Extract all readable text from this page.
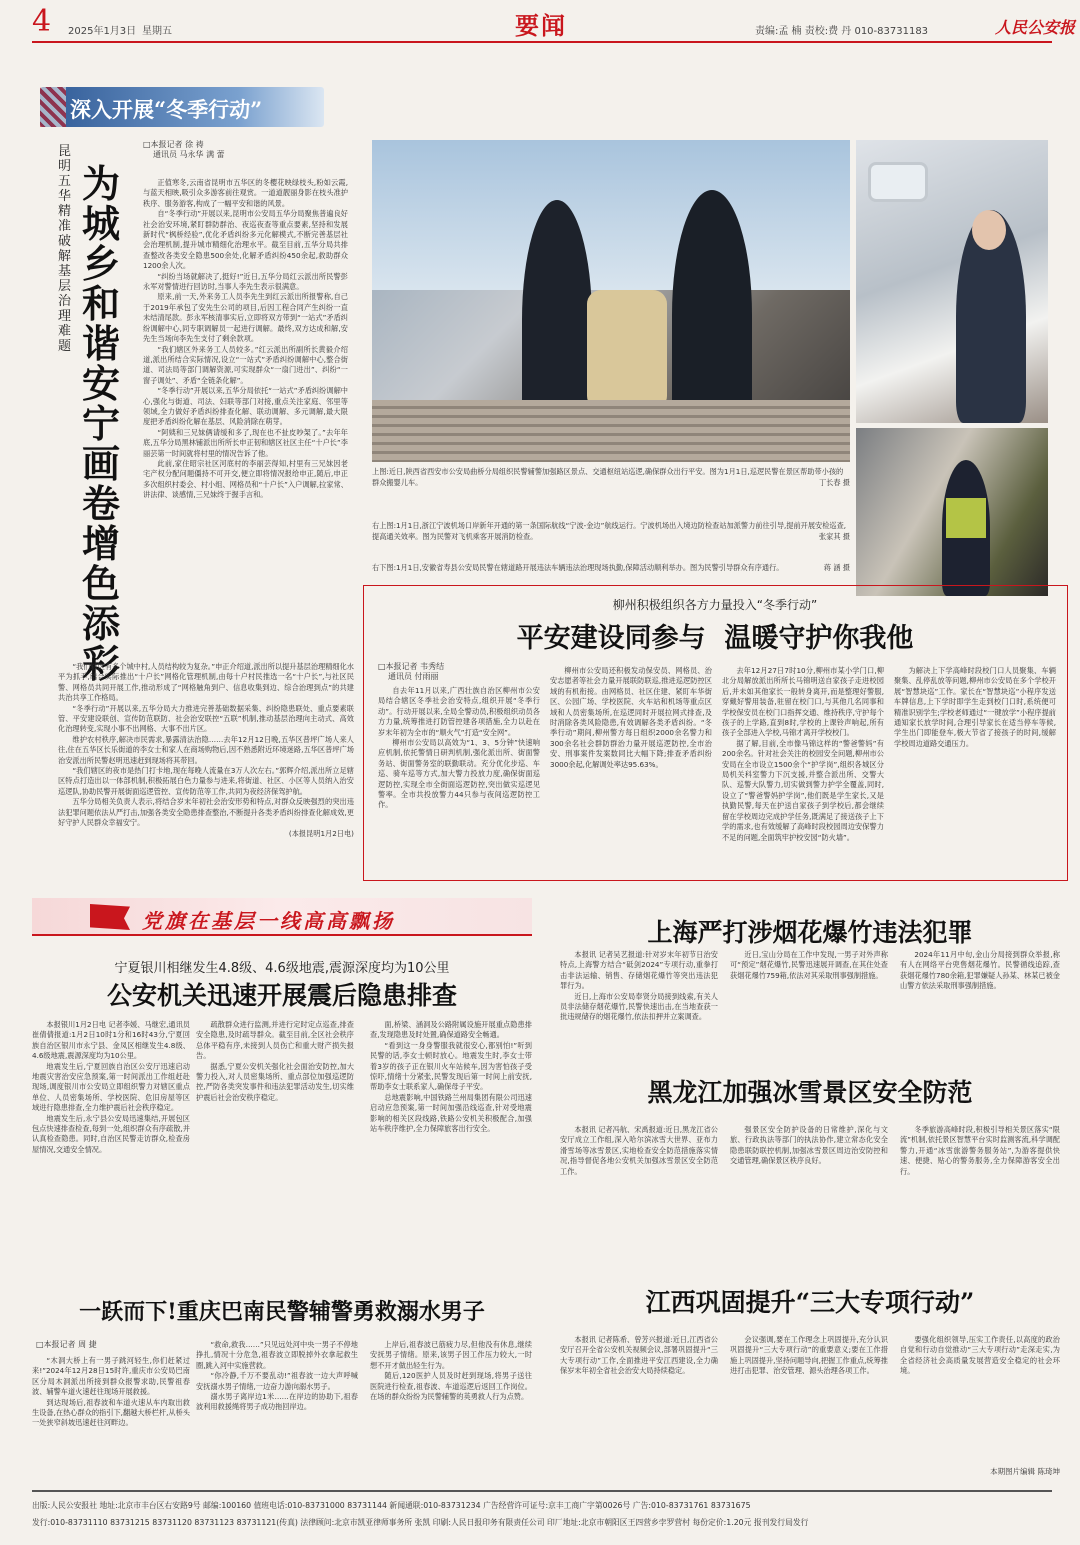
4 2025年1月3日 星期五	要闻	责编:孟 楠 责校:费 丹 010-83731183	人民公安报
深入开展“冬季行动”
昆明五华精准破解基层治理难题
为城乡和谐安宁画卷增色添彩
□本报记者 徐 祷
通讯员 马永华 满 蕾

正值寒冬,云南省昆明市五华区的冬樱花映绿枝头,粉如云霞,与蓝天相映,吸引众多游客前往观赏。一道道靓丽身影在枝头准护秩序、服务游客,构成了一幅平安和谐的风景。

自“冬季行动”开展以来,昆明市公安局五华分局聚焦普遍良好社会治安环境,紧盯群防群治、夜巡夜查等重点要素,坚持和发展新时代“枫桥经验”,优化矛盾纠纷多元化解模式,不断完善基层社会治理机制,提升城市精细化治理水平。截至目前,五华分局共排查整改各类安全隐患500余处,化解矛盾纠纷450余起,救助群众1200余人次。

“纠纷当场就解决了,挺好!”近日,五华分局红云派出所民警彭永军对警情进行回访时,当事人李先生表示很满意。

原来,前一天,外来务工人员李先生到红云派出所报警称,自己于2019年承包了安先生公司的项目,后因工程合同产生纠纷一直未结清尾款。彭永军核清事实后,立即将双方带到“一站式”矛盾纠纷调解中心,同专职调解员一起进行调解。最终,双方达成和解,安先生当场向李先生支付了剩余款项。

“我们辖区外来务工人员较多。”红云派出所副所长黄毅介绍道,派出所结合实际情况,设立“一站式”矛盾纠纷调解中心,整合街道、司法局等部门调解资源,可实现群众“一扇门进出”、纠纷“一窗子调处”、矛盾“全链条化解”。

“冬季行动”开展以来,五华分局依托“一站式”矛盾纠纷调解中心,强化与街道、司法、妇联等部门对接,重点关注家庭、邻里等领域,全力做好矛盾纠纷排查化解、联动调解、多元调解,最大限度把矛盾纠纷化解在基层、风险消除在萌芽。

“阿姨和三兄妹俩请缓和多了,现在也不扯皮吵架了。”去年年底,五华分局黑林铺派出所所长申正韧和辖区社区主任“十户长”李丽芸第一时间就将村里的情况告诉了他。

此前,家住昭宗社区河底村的李丽芸得知,村里有三兄妹因老宅产权分配问题僵持不可开交,便立即将情况报给申正,随后,申正多次组织村委会、村小组、网格员和“十户长”入户调解,拉家常、讲法律、谈感情,三兄妹终于握手言和。

“我们辖区有多个城中村,人员结构较为复杂。”申正介绍道,派出所以提升基层治理精细化水平为抓手,结合实际推出“十户长”网格化管理机制,由每十户村民推选一名“十户长”,与社区民警、网格员共同开展工作,推动形成了“网格触角到户、信息收集到边、综合治理到点”的共建共治共享工作格局。

“冬季行动”开展以来,五华分局大力推进完善基础数据采集、纠纷隐患联处、重点要素联管、平安建设联创、宣传防范联防、社会治安联控“五联”机制,推动基层治理向主动式、高效化治理转变,实现小事不出网格、大事不出片区。

维护农村秩序,解决市民需求,暴露清法治隐……去年12月12日晚,五华区普坪广场人来人往,住在五华区长乐街道的李女士和家人在商场购物后,因不熟悉附近环境迷路,五华区普坪广场治安派出所民警赵明迅速赶到现场将其带回。

“我们辖区的夜市是热门打卡地,现在每晚人流量在3万人次左右。”郭辉介绍,派出所立足辖区特点打造出以一体部机制,积极拓展白色力量参与进来,将街道、社区、小区等人员纳入治安巡逻队,协助民警开展街面巡逻管控、宣传防范等工作,共同为夜经济保驾护航。

五华分局相关负责人表示,将结合岁末年初社会治安形势和特点,对群众反映强烈的突出违法犯罪问题依法从严打击,加强各类安全隐患排查整治,不断提升各类矛盾纠纷排查化解成效,更好守护人民群众幸福安宁。

(本报昆明1月2日电)
上图:近日,陕西省西安市公安局曲桥分局组织民警辅警加强路区景点、交通枢纽站巡逻,确保群众出行平安。图为1月1日,巡逻民警在景区帮助带小孩的群众搬婴儿车。	丁长春 摄
右上图:1月1日,浙江宁波机场口岸新年开通的第一条国际航线“宁波-金边”航线运行。宁波机场出入境边防检查站加派警力前往引导,提前开展安检巡查,提高通关效率。图为民警对飞机乘客开展消防检查。	张家其 摄
右下图:1月1日,安徽省寿县公安局民警在辖道路开展违法车辆违法治理现场执勤,保障活动顺利举办。图为民警引导群众有序通行。	蒋 涵 摄
柳州积极组织各方力量投入“冬季行动”
平安建设同参与  温暖守护你我他
□本报记者 韦秀结
通讯员 付雨丽

自去年11月以来,广西壮族自治区柳州市公安局结合辖区冬季社会治安特点,组织开展“冬季行动”。行动开展以来,全局全警动员,积极组织动员各方力量,统筹推进打防管控建各项措施,全力以赴在岁末年初为全市的“顺火气”打造“安全网”。

柳州市公安局以高效为“1、3、5分钟”快速响应机制,依托警情日研判机制,强化派出所、街面警务站、街面警务室的联勤联动。充分优化步巡、车巡、骑车巡等方式,加大警力投放力度,确保街面巡逻防控,实现全市全街面巡逻防控,突出做实巡逻见警率。全市共投放警力44只参与夜间巡逻防控工作。

柳州市公安局还积极发动保安员、网格员、治安志愿者等社会力量开展联防联巡,推进巡逻防控区域的有机衔接。由网格员、社区住建、紧盯车华街区、公园广场、学校医院、火车站和机场等重点区域和人员密集场所,在巡逻同时开展拉网式排查,及时消除各类风险隐患,有效调解各类矛盾纠纷。“冬季行动”期间,柳州警方每日组织2000余名警力和300余名社会群防群治力量开展巡逻防控,全市治安、刑事案件发案数同比大幅下降;排查矛盾纠纷3000余起,化解调处率达95.63%。

去年12月27日7时10分,柳州市某小学门口,柳北分局解放派出所所长马锦明送自家孩子走进校园后,并未如其他家长一般转身离开,而是整理好警服,穿戴好警用装备,驻留在校门口,与其他几名同事和学校保安员在校门口指挥交通、维持秩序,守护每个孩子的上学路,直到8时,学校的上课铃声响起,所有孩子全部进入学校,马锦才离开学校校门。

据了解,目前,全市像马锦这样的“警爸警妈”有200余名。针对社会关注的校园安全问题,柳州市公安局在全市设立1500余个“护学岗”,组织各城区分局机关科室警力下沉支援,并整合派出所、交警大队、巡警大队警力,切实做到警力护学全覆盖,同时,设立了“警爸警妈护学岗”,他们既是学生家长,又是执勤民警,每天在护送自家孩子到学校后,都会继续留在学校周边完成护学任务,既满足了接送孩子上下学的需求,也有效缓解了高峰时段校园周边安保警力不足的问题,全面筑牢护校安园“防火墙”。

为解决上下学高峰时段校门口人员聚集、车辆聚集、乱停乱放等问题,柳州市公安局在多个学校开展“智慧块巡”工作。家长在“智慧块巡”小程序发送车牌信息,上下学时即学生走到校门口时,系统便可精准识别学生;学校老师通过“一键放学”小程序提前通知家长放学时间,合理引导家长在适当停车等候,学生出门即能登车,极大节省了接孩子的时间,缓解学校周边道路交通压力。

党旗在基层一线高高飘扬
宁夏银川相继发生4.8级、4.6级地震,震源深度均为10公里
公安机关迅速开展震后隐患排查

本报银川1月2日电 记者李媛、马继宏,通讯员崔倩倩报道:1月2日10时1分和16时43分,宁夏回族自治区银川市永宁县、金凤区相继发生4.8级、4.6级地震,震源深度均为10公里。

地震发生后,宁夏回族自治区公安厅迅速启动地震灾害治安应急预案,第一时间派出工作组赶赴现场,调度银川市公安局立即组织警力对辖区重点单位、人员密集场所、学校医院、危旧房屋等区域进行隐患排查,全力维护震后社会秩序稳定。

地震发生后,永宁县公安局迅速集结,开展包区包点快速排查检查,每到一处,组织群众有序疏散,并认真检查隐患。同时,自治区民警走访群众,检查房屋情况,交通安全情况。

疏散群众进行监测,并进行定时定点巡查,排查安全隐患,及时疏导群众。截至目前,全区社会秩序总体平稳有序,未接到人员伤亡和重大财产损失报告。

据悉,宁夏公安机关强化社会面治安防控,加大警力投入,对人员密集场所、重点部位加强巡逻防控,严防各类突发事件和违法犯罪活动发生,切实维护震后社会治安秩序稳定。

面,桥梁、涵洞及公路附属设施开展重点隐患排查,发现隐患及时处置,确保道路安全畅通。

“看到这一身身警服我就很安心,都别怕!”听到民警的话,李女士顿时放心。地震发生时,李女士带着3岁的孩子正在银川火车站候车,因为害怕孩子受惊吓,情绪十分紧张,民警发现后第一时间上前安抚,帮助李女士联系家人,确保母子平安。

总地震影响,中国铁路兰州局集团有限公司迅速启动应急预案,第一时间加强沿线巡查,针对受地震影响的相关区段线路,铁路公安机关积极配合,加强站车秩序维护,全力保障旅客出行安全。

上海严打涉烟花爆竹违法犯罪

本报讯 记者吴艺报道:针对岁末年初节日治安特点,上海警方结合“砥剑2024”专项行动,重拳打击非法运输、销售、存储烟花爆竹等突出违法犯罪行为。

近日,上海市公安局奉贤分局接到线索,有关人员非法储存烟花爆竹,民警快速出击,在当地查获一批违规储存的烟花爆竹,依法扣押并立案调查。

近日,宝山分局在工作中发现,一男子对外声称可“预定”烟花爆竹,民警迅速展开调查,在其住处查获烟花爆竹759箱,依法对其采取刑事强制措施。

2024年11月中旬,金山分局接到群众举报,称有人在网络平台兜售烟花爆竹。民警循线追踪,查获烟花爆竹780余箱,犯罪嫌疑人孙某、林某已被金山警方依法采取刑事强制措施。

黑龙江加强冰雪景区安全防范

本报讯 记者冯航、宋禹报道:近日,黑龙江省公安厅成立工作组,深入哈尔滨冰雪大世界、亚布力滑雪场等冰雪景区,实地检查安全防范措施落实情况,指导督促各地公安机关加强冰雪景区安全防范工作。

强景区安全防护设备的日常维护,深化与文旅、行政执法等部门的执法协作,建立常态化安全隐患联防联控机制,加强冰雪景区周边治安防控和交通管理,确保景区秩序良好。

冬季旅游高峰时段,积极引导相关景区落实“限流”机制,依托景区智慧平台实时监测客流,科学调配警力,开通“冰雪旅游警务服务站”,为游客提供快速、便捷、贴心的警务服务,全力保障游客安全出行。

一跃而下!重庆巴南民警辅警勇救溺水男子
□本报记者 周 捷

“木洞大桥上有一男子跳河轻生,你们赶紧过来!”2024年12月28日15时许,重庆市公安局巴南区分局木洞派出所接到群众报警求助,民警祖春波、辅警车道火速赶往现场开展救援。

到达现场后,祖春波和车道火速从车内取出救生设备,在热心群众的指引下,翻越大桥栏杆,从桥头一处狭窄斜坡迅速赶往河畔边。

“救命,救我……”只见远处河中央一男子不停地挣扎,情况十分危急,祖春波立即脱掉外衣拿起救生圈,跳入河中实施营救。

“你冷静,千万不要乱动!”祖春波一边大声呼喊安抚溺水男子情绪,一边奋力游向溺水男子。

溺水男子离岸边1米……在岸边的协助下,祖春波利用救援绳将男子成功拖回岸边。

上岸后,祖春波已筋疲力尽,但他没有休息,继续安抚男子情绪。原来,该男子因工作压力较大,一时想不开才做出轻生行为。

随后,120医护人员及时赶到现场,将男子送往医院进行检查,祖春波、车道巡逻后返回工作岗位。在场的群众纷纷为民警辅警的英勇救人行为点赞。

江西巩固提升“三大专项行动”

本报讯 记者陈希、曾芳兴报道:近日,江西省公安厅召开全省公安机关视频会议,部署巩固提升“三大专项行动”工作,全面推进平安江西建设,全力确保岁末年初全省社会治安大局持续稳定。

会议强调,要在工作理念上巩固提升,充分认识巩固提升“三大专项行动”的重要意义;要在工作措施上巩固提升,坚持问题导向,把握工作重点,统筹推进打击犯罪、治安管理、源头治理各项工作。

要强化组织领导,压实工作责任,以高度的政治自觉和行动自觉推动“三大专项行动”走深走实,为全省经济社会高质量发展营造安全稳定的社会环境。

本期图片编辑 陈琦坤
出版:人民公安报社 地址:北京市丰台区右安路9号 邮编:100160 值班电话:010-83731000 83731144 新闻通联:010-83731234 广告经营许可证号:京丰工商广字第0026号 广告:010-83731761 83731675
发行:010-83731110 83731215 83731120 83731123 83731121(传真) 法律顾问:北京市凯亚律师事务所 张凯 印刷:人民日报印务有限责任公司 印厂地址:北京市朝阳区王四营乡孛罗营村 每份定价:1.20元 报刊发行局发行
